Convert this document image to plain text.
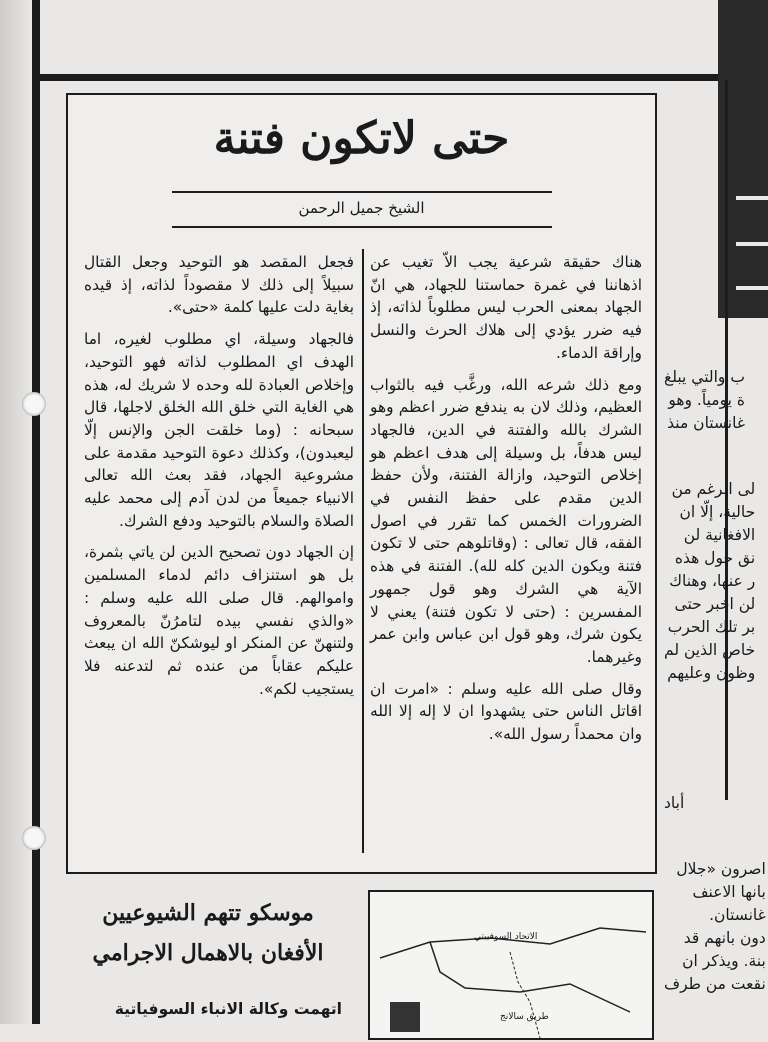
حتى لاتكون فتنة
الشيخ جميل الرحمن

هناك حقيقة شرعية يجب الاّ تغيب عن اذهاننا في غمرة حماستنا للجهاد، هي انّ الجهاد بمعنى الحرب ليس مطلوباً لذاته، إذ فيه ضرر يؤدي إلى هلاك الحرث والنسل وإراقة الدماء.

ومع ذلك شرعه الله، ورغَّب فيه بالثواب العظيم، وذلك لان به يندفع ضرر اعظم وهو الشرك بالله والفتنة في الدين، فالجهاد ليس هدفاً، بل وسيلة إلى هدف اعظم هو إخلاص التوحيد، وازالة الفتنة، ولأن حفظ الدين مقدم على حفظ النفس في الضرورات الخمس كما تقرر في اصول الفقه، قال تعالى : (وقاتلوهم حتى لا تكون فتنة ويكون الدين كله لله). الفتنة في هذه الآية هي الشرك وهو قول جمهور المفسرين : (حتى لا تكون فتنة) يعني لا يكون شرك، وهو قول ابن عباس وابن عمر وغيرهما.

وقال صلى الله عليه وسلم : «امرت ان اقاتل الناس حتى يشهدوا ان لا إله إلا الله وان محمداً رسول الله».

فجعل المقصد هو التوحيد وجعل القتال سبيلاً إلى ذلك لا مقصوداً لذاته، إذ قيده بغاية دلت عليها كلمة «حتى».

فالجهاد وسيلة، اي مطلوب لغيره، اما الهدف اي المطلوب لذاته فهو التوحيد، وإخلاص العبادة لله وحده لا شريك له، هذه هي الغاية التي خلق الله الخلق لاجلها، قال سبحانه : (وما خلقت الجن والإنس إلّا ليعبدون)، وكذلك دعوة التوحيد مقدمة على مشروعية الجهاد، فقد بعث الله تعالى الانبياء جميعاً من لدن آدم إلى محمد عليه الصلاة والسلام بالتوحيد ودفع الشرك.

إن الجهاد دون تصحيح الدين لن ياتي بثمرة، بل هو استنزاف دائم لدماء المسلمين واموالهم. قال صلى الله عليه وسلم : «والذي نفسي بيده لتامرُنّ بالمعروف ولتنهنّ عن المنكر او ليوشكنّ الله ان يبعث عليكم عقاباً من عنده ثم لتدعنه فلا يستجيب لكم».

ب والتي يبلغ
ة يومياً. وهو
غانستان منذ
لى الرغم من
حالية، إلّا ان
الافغانية لن
نق حول هذه
ر عنها، وهناك
لن اخبر حتى
بر تلك الحرب
خاص الذين لم
وظون وعليهم
أباد
اصرون «جلال
بانها الاعنف
غانستان.
دون بانهم قد
بنة. ويذكر ان
نقعت من طرف
موسكو تتهم الشيوعيين
الأفغان بالاهمال الاجرامي
اتهمت وكالة الانباء السوفياتية
الاتحاد السوفييتي
طريق سالانج
